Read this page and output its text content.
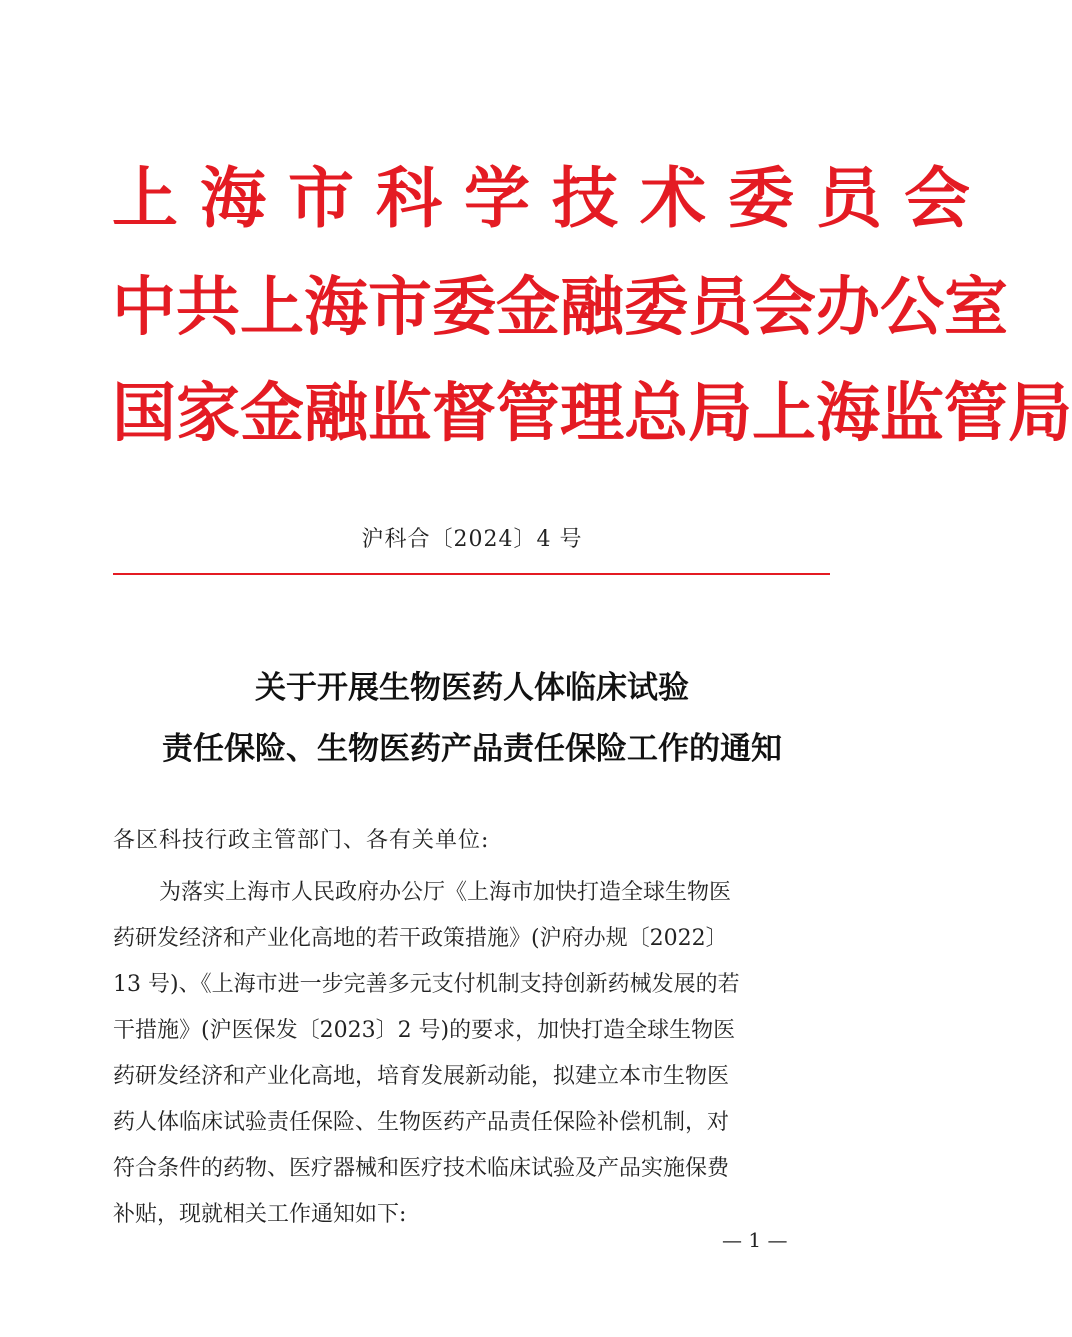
上海市科学技术委员会
中共上海市委金融委员会办公室
国家金融监督管理总局上海监管局
沪科合〔2024〕4 号
关于开展生物医药人体临床试验
责任保险、生物医药产品责任保险工作的通知
各区科技行政主管部门、各有关单位:
为落实上海市人民政府办公厅《上海市加快打造全球生物医
药研发经济和产业化高地的若干政策措施》(沪府办规〔2022〕
13 号)、《上海市进一步完善多元支付机制支持创新药械发展的若
干措施》(沪医保发〔2023〕2 号)的要求，加快打造全球生物医
药研发经济和产业化高地，培育发展新动能，拟建立本市生物医
药人体临床试验责任保险、生物医药产品责任保险补偿机制，对
符合条件的药物、医疗器械和医疗技术临床试验及产品实施保费
补贴，现就相关工作通知如下:
— 1 —
